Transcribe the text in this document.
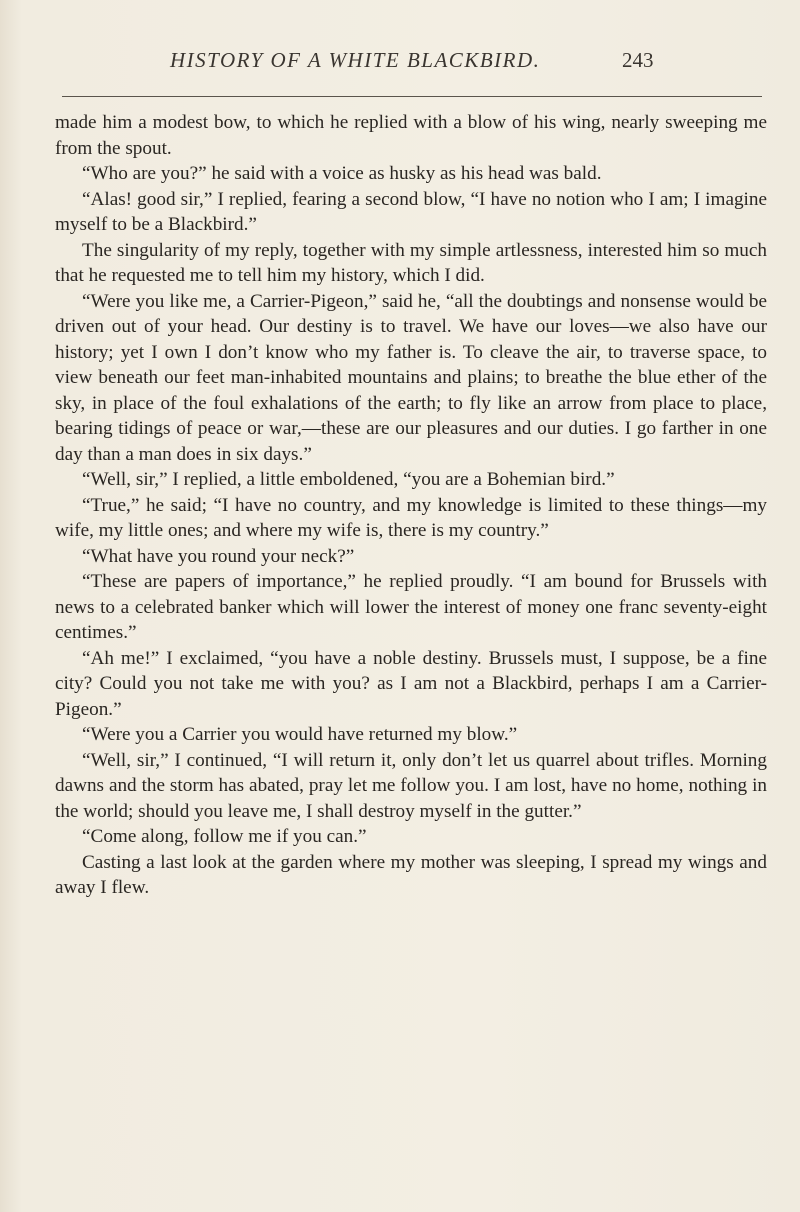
HISTORY OF A WHITE BLACKBIRD.	243

made him a modest bow, to which he replied with a blow of his wing, nearly sweeping me from the spout.

“Who are you?” he said with a voice as husky as his head was bald.

“Alas! good sir,” I replied, fearing a second blow, “I have no notion who I am; I imagine myself to be a Blackbird.”

The singularity of my reply, together with my simple artlessness, interested him so much that he requested me to tell him my history, which I did.

“Were you like me, a Carrier-Pigeon,” said he, “all the doubtings and nonsense would be driven out of your head. Our destiny is to travel. We have our loves—we also have our history; yet I own I don’t know who my father is. To cleave the air, to traverse space, to view beneath our feet man-inhabited mountains and plains; to breathe the blue ether of the sky, in place of the foul exhalations of the earth; to fly like an arrow from place to place, bearing tidings of peace or war,—these are our pleasures and our duties. I go farther in one day than a man does in six days.”

“Well, sir,” I replied, a little emboldened, “you are a Bohemian bird.”

“True,” he said; “I have no country, and my knowledge is limited to these things—my wife, my little ones; and where my wife is, there is my country.”

“What have you round your neck?”

“These are papers of importance,” he replied proudly. “I am bound for Brussels with news to a celebrated banker which will lower the interest of money one franc seventy-eight centimes.”

“Ah me!” I exclaimed, “you have a noble destiny. Brussels must, I suppose, be a fine city? Could you not take me with you? as I am not a Blackbird, perhaps I am a Carrier-Pigeon.”

“Were you a Carrier you would have returned my blow.”

“Well, sir,” I continued, “I will return it, only don’t let us quarrel about trifles. Morning dawns and the storm has abated, pray let me follow you. I am lost, have no home, nothing in the world; should you leave me, I shall destroy myself in the gutter.”

“Come along, follow me if you can.”

Casting a last look at the garden where my mother was sleeping, I spread my wings and away I flew.
